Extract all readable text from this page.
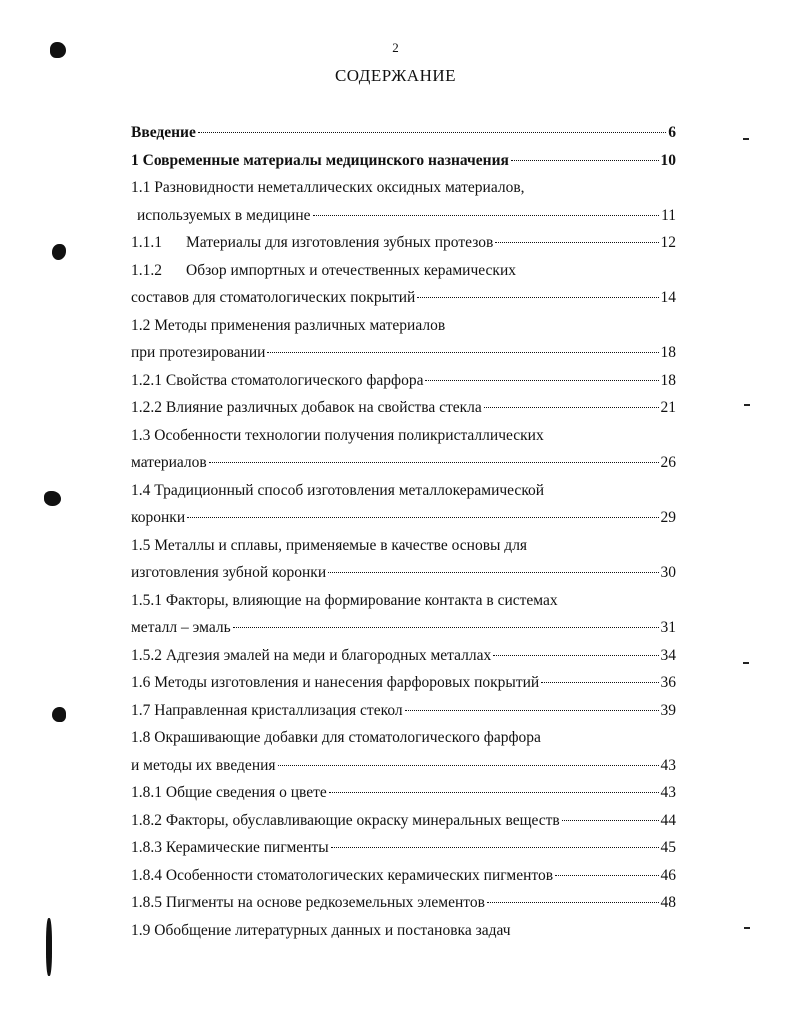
2
СОДЕРЖАНИЕ
Введение	6
1 Современные материалы медицинского назначения	10
1.1 Разновидности неметаллических оксидных материалов,
используемых в медицине	11
1.1.1	Материалы для изготовления зубных протезов	12
1.1.2	Обзор импортных и отечественных керамических
составов для стоматологических покрытий	14
1.2 Методы применения различных материалов
при протезировании	18
1.2.1 Свойства стоматологического фарфора	18
1.2.2 Влияние различных добавок на свойства стекла	21
1.3 Особенности технологии получения поликристаллических
материалов	26
1.4 Традиционный способ изготовления металлокерамической
коронки	29
1.5 Металлы и сплавы, применяемые в качестве основы для
изготовления зубной коронки	30
1.5.1 Факторы, влияющие на формирование контакта в системах
металл – эмаль	31
1.5.2 Адгезия эмалей на меди и благородных металлах	34
1.6 Методы изготовления и нанесения фарфоровых покрытий	36
1.7 Направленная кристаллизация стекол	39
1.8 Окрашивающие добавки для стоматологического фарфора
и методы их введения	43
1.8.1 Общие сведения о цвете	43
1.8.2 Факторы, обуславливающие окраску минеральных веществ	44
1.8.3 Керамические пигменты	45
1.8.4 Особенности стоматологических керамических пигментов	46
1.8.5 Пигменты на основе редкоземельных элементов	48
1.9 Обобщение литературных данных и постановка задач
